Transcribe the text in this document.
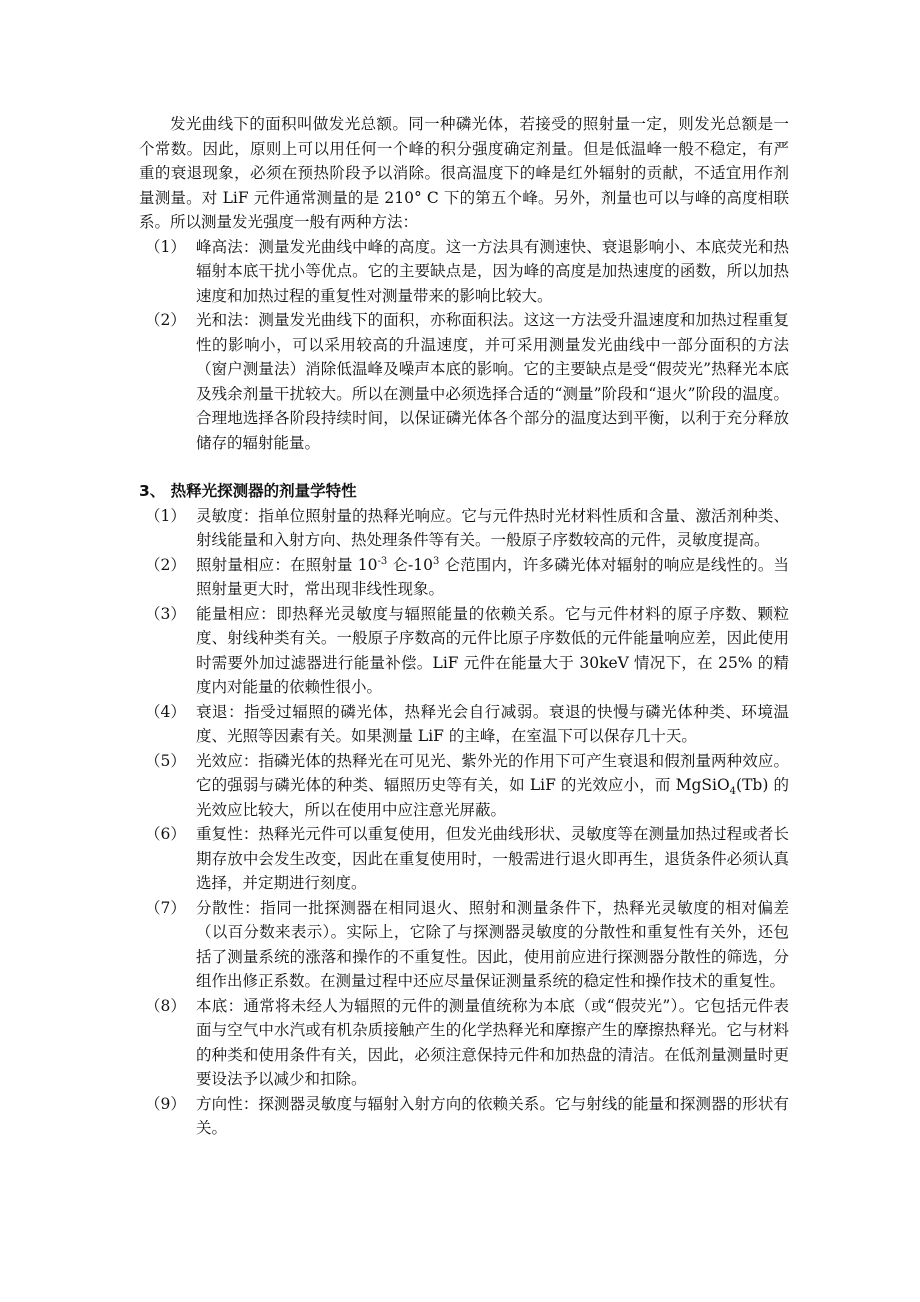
发光曲线下的面积叫做发光总额。同一种磷光体，若接受的照射量一定，则发光总额是一个常数。因此，原则上可以用任何一个峰的积分强度确定剂量。但是低温峰一般不稳定，有严重的衰退现象，必须在预热阶段予以消除。很高温度下的峰是红外辐射的贡献，不适宜用作剂量测量。对 LiF 元件通常测量的是 210° C 下的第五个峰。另外，剂量也可以与峰的高度相联系。所以测量发光强度一般有两种方法：

（1） 峰高法：测量发光曲线中峰的高度。这一方法具有测速快、衰退影响小、本底荧光和热辐射本底干扰小等优点。它的主要缺点是，因为峰的高度是加热速度的函数，所以加热速度和加热过程的重复性对测量带来的影响比较大。
（2） 光和法：测量发光曲线下的面积，亦称面积法。这这一方法受升温速度和加热过程重复性的影响小，可以采用较高的升温速度，并可采用测量发光曲线中一部分面积的方法（窗户测量法）消除低温峰及噪声本底的影响。它的主要缺点是受“假荧光”热释光本底及残余剂量干扰较大。所以在测量中必须选择合适的“测量”阶段和“退火”阶段的温度。合理地选择各阶段持续时间，以保证磷光体各个部分的温度达到平衡，以利于充分释放储存的辐射能量。

3、 热释光探测器的剂量学特性

（1） 灵敏度：指单位照射量的热释光响应。它与元件热时光材料性质和含量、激活剂种类、射线能量和入射方向、热处理条件等有关。一般原子序数较高的元件，灵敏度提高。
（2） 照射量相应：在照射量 $10^{-3}$ 仑$-10^3$ 仑范围内，许多磷光体对辐射的响应是线性的。当照射量更大时，常出现非线性现象。
（3） 能量相应：即热释光灵敏度与辐照能量的依赖关系。它与元件材料的原子序数、颗粒度、射线种类有关。一般原子序数高的元件比原子序数低的元件能量响应差，因此使用时需要外加过滤器进行能量补偿。LiF 元件在能量大于 30keV 情况下，在 25% 的精度内对能量的依赖性很小。
（4） 衰退：指受过辐照的磷光体，热释光会自行减弱。衰退的快慢与磷光体种类、环境温度、光照等因素有关。如果测量 LiF 的主峰，在室温下可以保存几十天。
（5） 光效应：指磷光体的热释光在可见光、紫外光的作用下可产生衰退和假剂量两种效应。它的强弱与磷光体的种类、辐照历史等有关，如 LiF 的光效应小，而 MgSiO$_4$(Tb) 的光效应比较大，所以在使用中应注意光屏蔽。
（6） 重复性：热释光元件可以重复使用，但发光曲线形状、灵敏度等在测量加热过程或者长期存放中会发生改变，因此在重复使用时，一般需进行退火即再生，退货条件必须认真选择，并定期进行刻度。
（7） 分散性：指同一批探测器在相同退火、照射和测量条件下，热释光灵敏度的相对偏差（以百分数来表示）。实际上，它除了与探测器灵敏度的分散性和重复性有关外，还包括了测量系统的涨落和操作的不重复性。因此，使用前应进行探测器分散性的筛选，分组作出修正系数。在测量过程中还应尽量保证测量系统的稳定性和操作技术的重复性。
（8） 本底：通常将未经人为辐照的元件的测量值统称为本底（或“假荧光”）。它包括元件表面与空气中水汽或有机杂质接触产生的化学热释光和摩擦产生的摩擦热释光。它与材料的种类和使用条件有关，因此，必须注意保持元件和加热盘的清洁。在低剂量测量时更要设法予以减少和扣除。
（9） 方向性：探测器灵敏度与辐射入射方向的依赖关系。它与射线的能量和探测器的形状有关。
